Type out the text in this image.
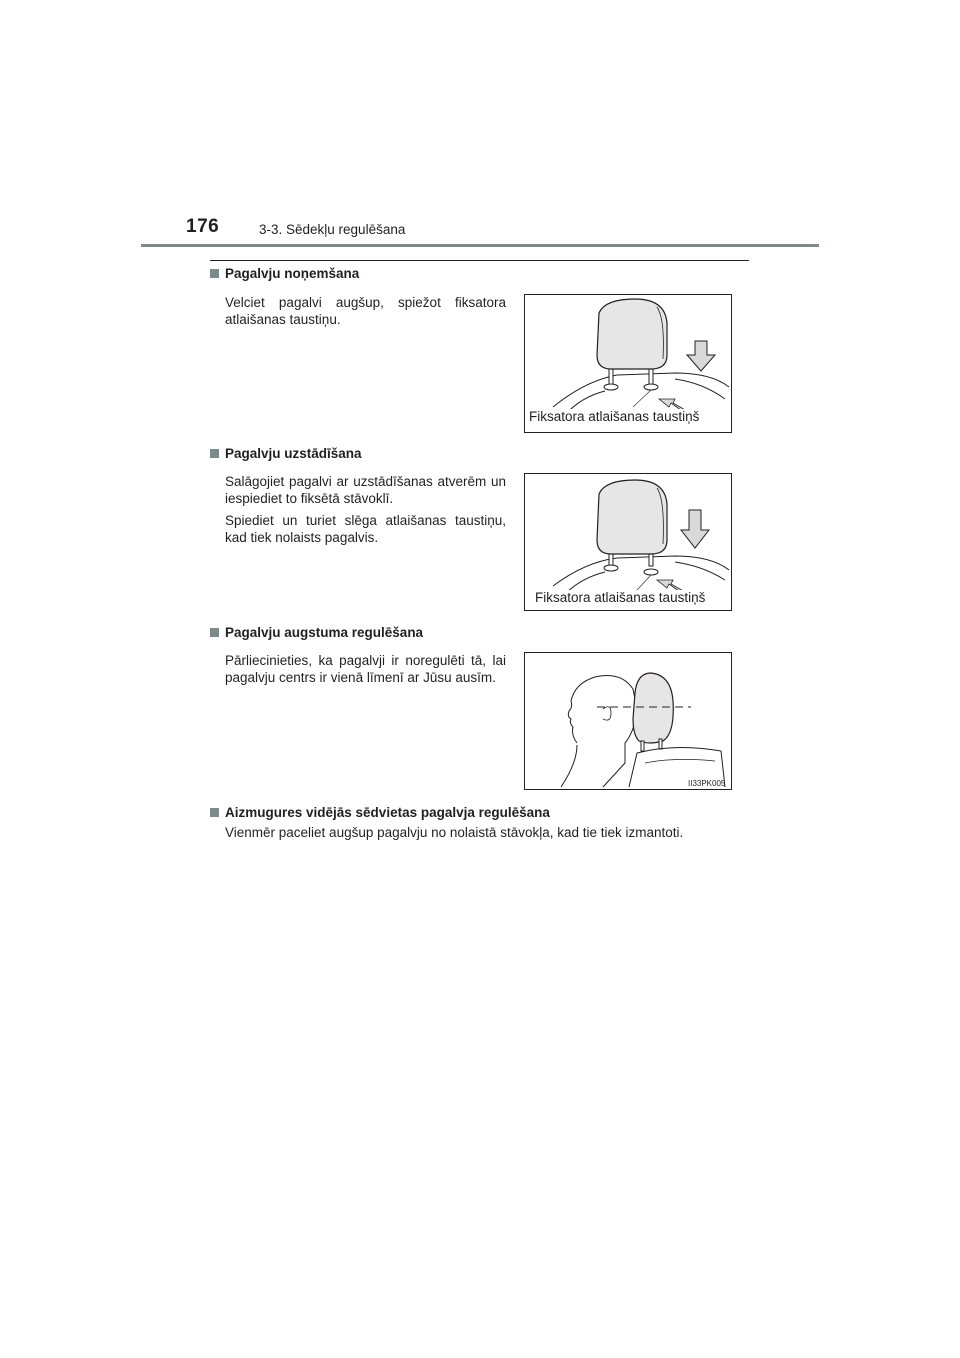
176	3-3. Sēdekļu regulēšana
Pagalvju noņemšana
Velciet pagalvi augšup, spiežot fiksatora atlaišanas taustiņu.
Fiksatora atlaišanas taustiņš
Pagalvju uzstādīšana
Salāgojiet pagalvi ar uzstādīšanas atverēm un iespiediet to fiksētā stāvoklī.
Spiediet un turiet slēga atlaišanas taustiņu, kad tiek nolaists pagalvis.
Fiksatora atlaišanas taustiņš
Pagalvju augstuma regulēšana
Pārliecinieties, ka pagalvji ir noregulēti tā, lai pagalvju centrs ir vienā līmenī ar Jūsu ausīm.
II33PK005
Aizmugures vidējās sēdvietas pagalvja regulēšana
Vienmēr paceliet augšup pagalvju no nolaistā stāvokļa, kad tie tiek izmantoti.
